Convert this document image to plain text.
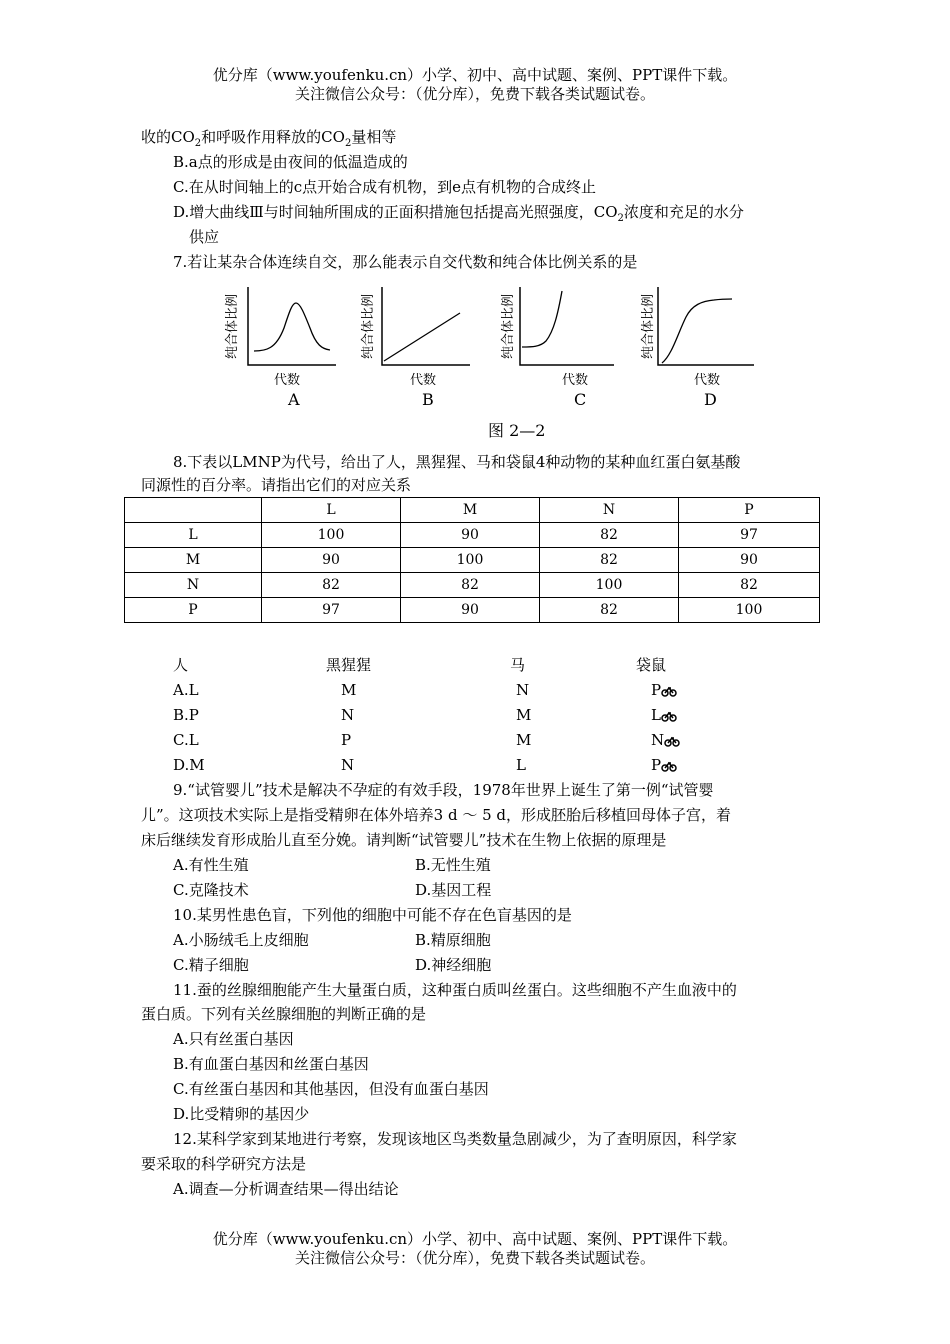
优分库（www.youfenku.cn）小学、初中、高中试题、案例、PPT课件下载。
关注微信公众号：（优分库），免费下载各类试题试卷。
收的$CO_2$和呼吸作用释放的$CO_2$量相等
B.a点的形成是由夜间的低温造成的
C.在从时间轴上的c点开始合成有机物，到e点有机物的合成终止
D.增大曲线Ⅲ与时间轴所围成的正面积措施包括提高光照强度，$CO_2$浓度和充足的水分
供应
7.若让某杂合体连续自交，那么能表示自交代数和纯合体比例关系的是
纯合体比例
代数
A
纯合体比例
代数
B
纯合体比例
代数
C
纯合体比例
代数
D
图 2—2
8.下表以LMNP为代号，给出了人，黑猩猩、马和袋鼠4种动物的某种血红蛋白氨基酸
同源性的百分率。请指出它们的对应关系
	L	M	N	P
L	100	90	82	97
M	90	100	82	90
N	82	82	100	82
P	97	90	82	100
人	黑猩猩	马	袋鼠
A.L	M	N	P
B.P	N	M	L
C.L	P	M	N
D.M	N	L	P
9.“试管婴儿”技术是解决不孕症的有效手段，1978年世界上诞生了第一例“试管婴
儿”。这项技术实际上是指受精卵在体外培养3 d ～ 5 d，形成胚胎后移植回母体子宫，着
床后继续发育形成胎儿直至分娩。请判断“试管婴儿”技术在生物上依据的原理是
A.有性生殖	B.无性生殖
C.克隆技术	D.基因工程
10.某男性患色盲，下列他的细胞中可能不存在色盲基因的是
A.小肠绒毛上皮细胞	B.精原细胞
C.精子细胞	D.神经细胞
11.蚕的丝腺细胞能产生大量蛋白质，这种蛋白质叫丝蛋白。这些细胞不产生血液中的
蛋白质。下列有关丝腺细胞的判断正确的是
A.只有丝蛋白基因
B.有血蛋白基因和丝蛋白基因
C.有丝蛋白基因和其他基因，但没有血蛋白基因
D.比受精卵的基因少
12.某科学家到某地进行考察，发现该地区鸟类数量急剧减少，为了查明原因，科学家
要采取的科学研究方法是
A.调查—分析调查结果—得出结论
优分库（www.youfenku.cn）小学、初中、高中试题、案例、PPT课件下载。
关注微信公众号：（优分库），免费下载各类试题试卷。
